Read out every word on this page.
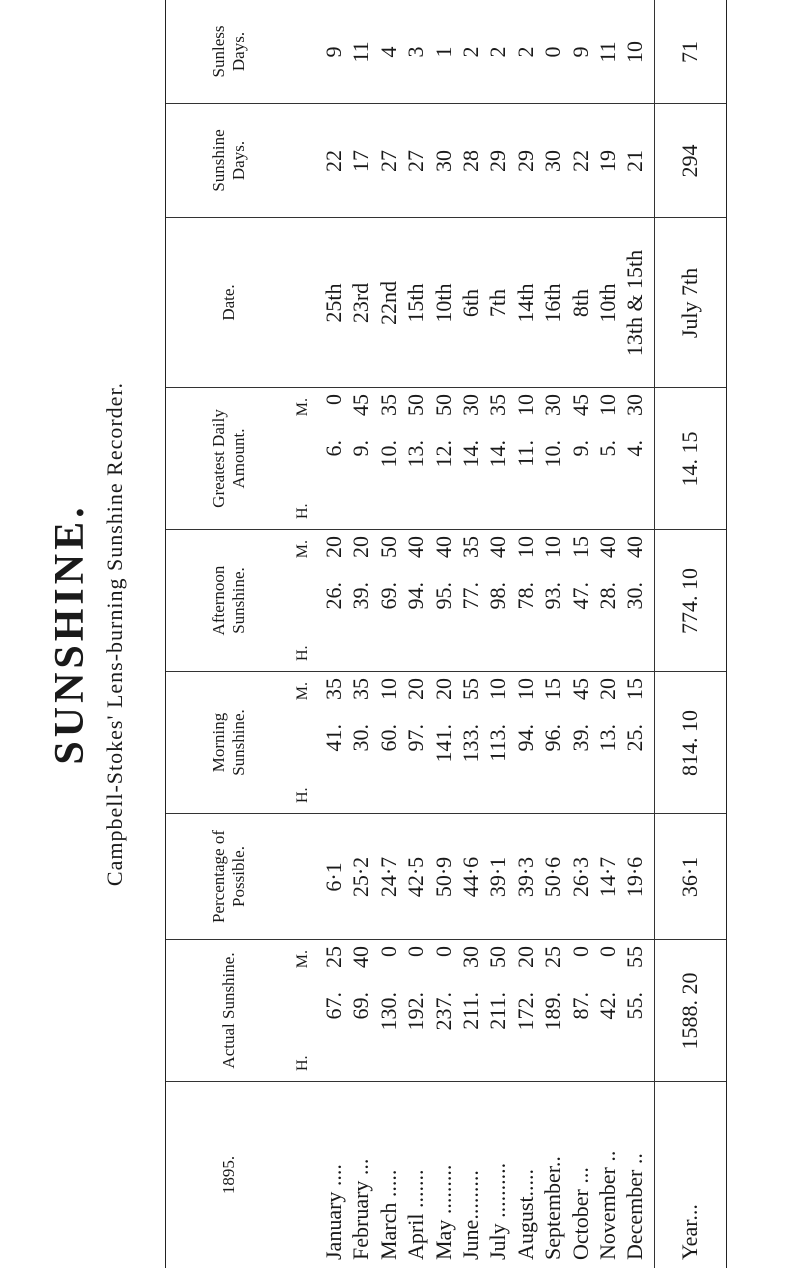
SUNSHINE. Campbell-Stokes' Lens-burning Sunshine Recorder.
1895.
Actual Sunshine.	H.
M.
Percentage of Possible.
Morning Sunshine.
H.
M.
Afternoon Sunshine.
H.
M.
Greatest Daily Amount.
H.
M.
Date.
Sunshine Days.
Sunless Days.
Year...
1588. 20
36·1
814. 10
774. 10
14. 15
July 7th
294
71
January ....
67.
25
6·1
41.
35
26.
20
6.
0
25th
22
9
February ...
69.
40
25·2
30.
35
39.
20
9.
45
23rd
17
11
March .....
130.
0
24·7
60.
10
69.
50
10.
35
22nd
27
4
April .......
192.
0
42·5
97.
20
94.
40
13.
50
15th
27
3
May .........
237.
0
50·9
141.
20
95.
40
12.
50
10th
30
1
June.........
211.
30
44·6
133.
55
77.
35
14.
30
6th
28
2
July ..........
211.
50
39·1
113.
10
98.
40
14.
35
7th
29
2
August.....
172.
20
39·3
94.
10
78.
10
11.
10
14th
29
2
September..
189.
25
50·6
96.
15
93.
10
10.
30
16th
30
0
October ...
87.
0
26·3
39.
45
47.
15
9.
45
8th
22
9
November ..
42.
0
14·7
13.
20
28.
40
5.
10
10th
19
11
December ..
55.
55
19·6
25.
15
30.
40
4.
30
13th & 15th
21
10
